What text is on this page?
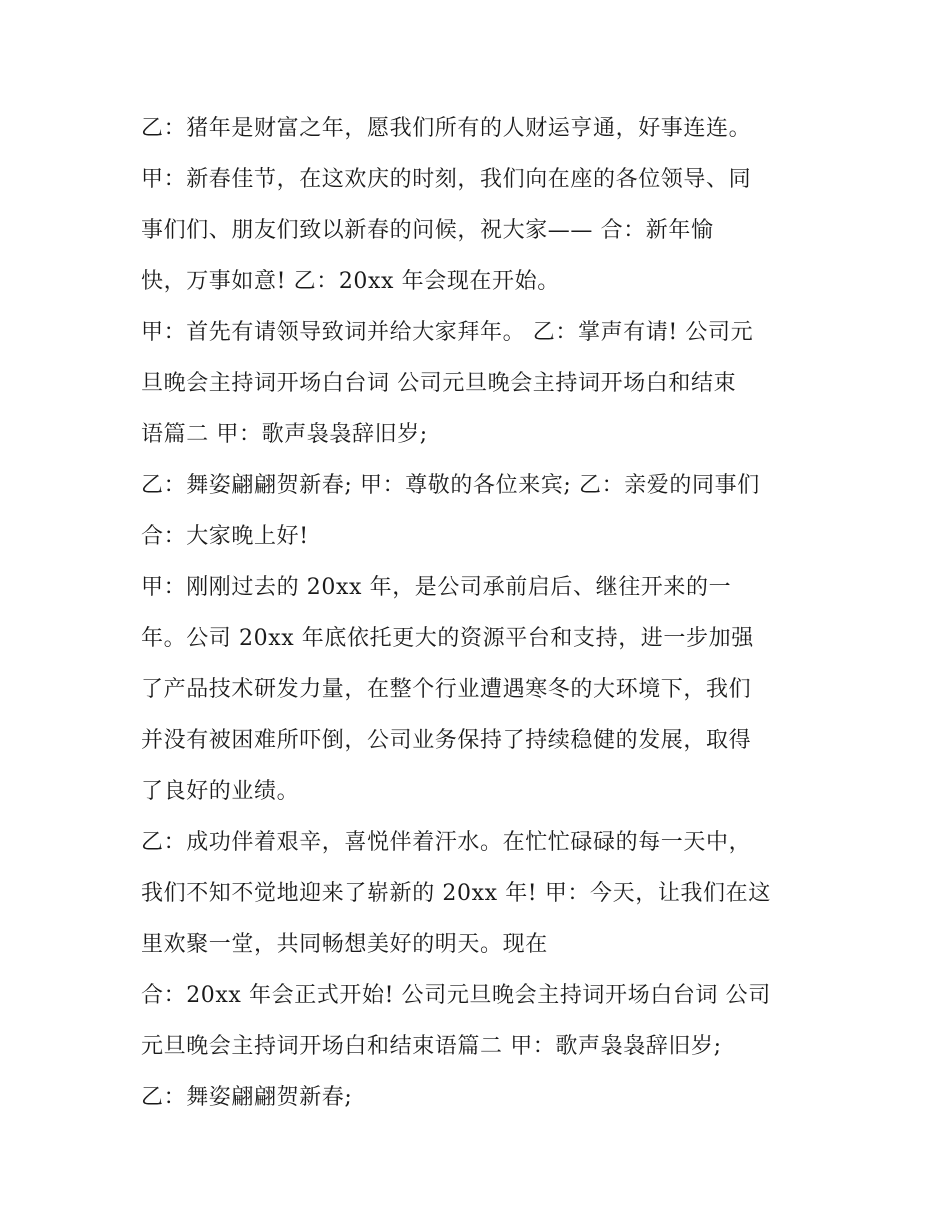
乙：猪年是财富之年，愿我们所有的人财运亨通，好事连连。
甲：新春佳节，在这欢庆的时刻，我们向在座的各位领导、同
事们们、朋友们致以新春的问候，祝大家—— 合：新年愉
快，万事如意! 乙：20xx 年会现在开始。
甲：首先有请领导致词并给大家拜年。 乙：掌声有请! 公司元
旦晚会主持词开场白台词 公司元旦晚会主持词开场白和结束
语篇二 甲：歌声袅袅辞旧岁;
乙：舞姿翩翩贺新春; 甲：尊敬的各位来宾; 乙：亲爱的同事们
合：大家晚上好!
甲：刚刚过去的 20xx 年，是公司承前启后、继往开来的一
年。公司 20xx 年底依托更大的资源平台和支持，进一步加强
了产品技术研发力量，在整个行业遭遇寒冬的大环境下，我们
并没有被困难所吓倒，公司业务保持了持续稳健的发展，取得
了良好的业绩。
乙：成功伴着艰辛，喜悦伴着汗水。在忙忙碌碌的每一天中，
我们不知不觉地迎来了崭新的 20xx 年! 甲：今天，让我们在这
里欢聚一堂，共同畅想美好的明天。现在
合：20xx 年会正式开始! 公司元旦晚会主持词开场白台词 公司
元旦晚会主持词开场白和结束语篇二 甲：歌声袅袅辞旧岁;
乙：舞姿翩翩贺新春;
